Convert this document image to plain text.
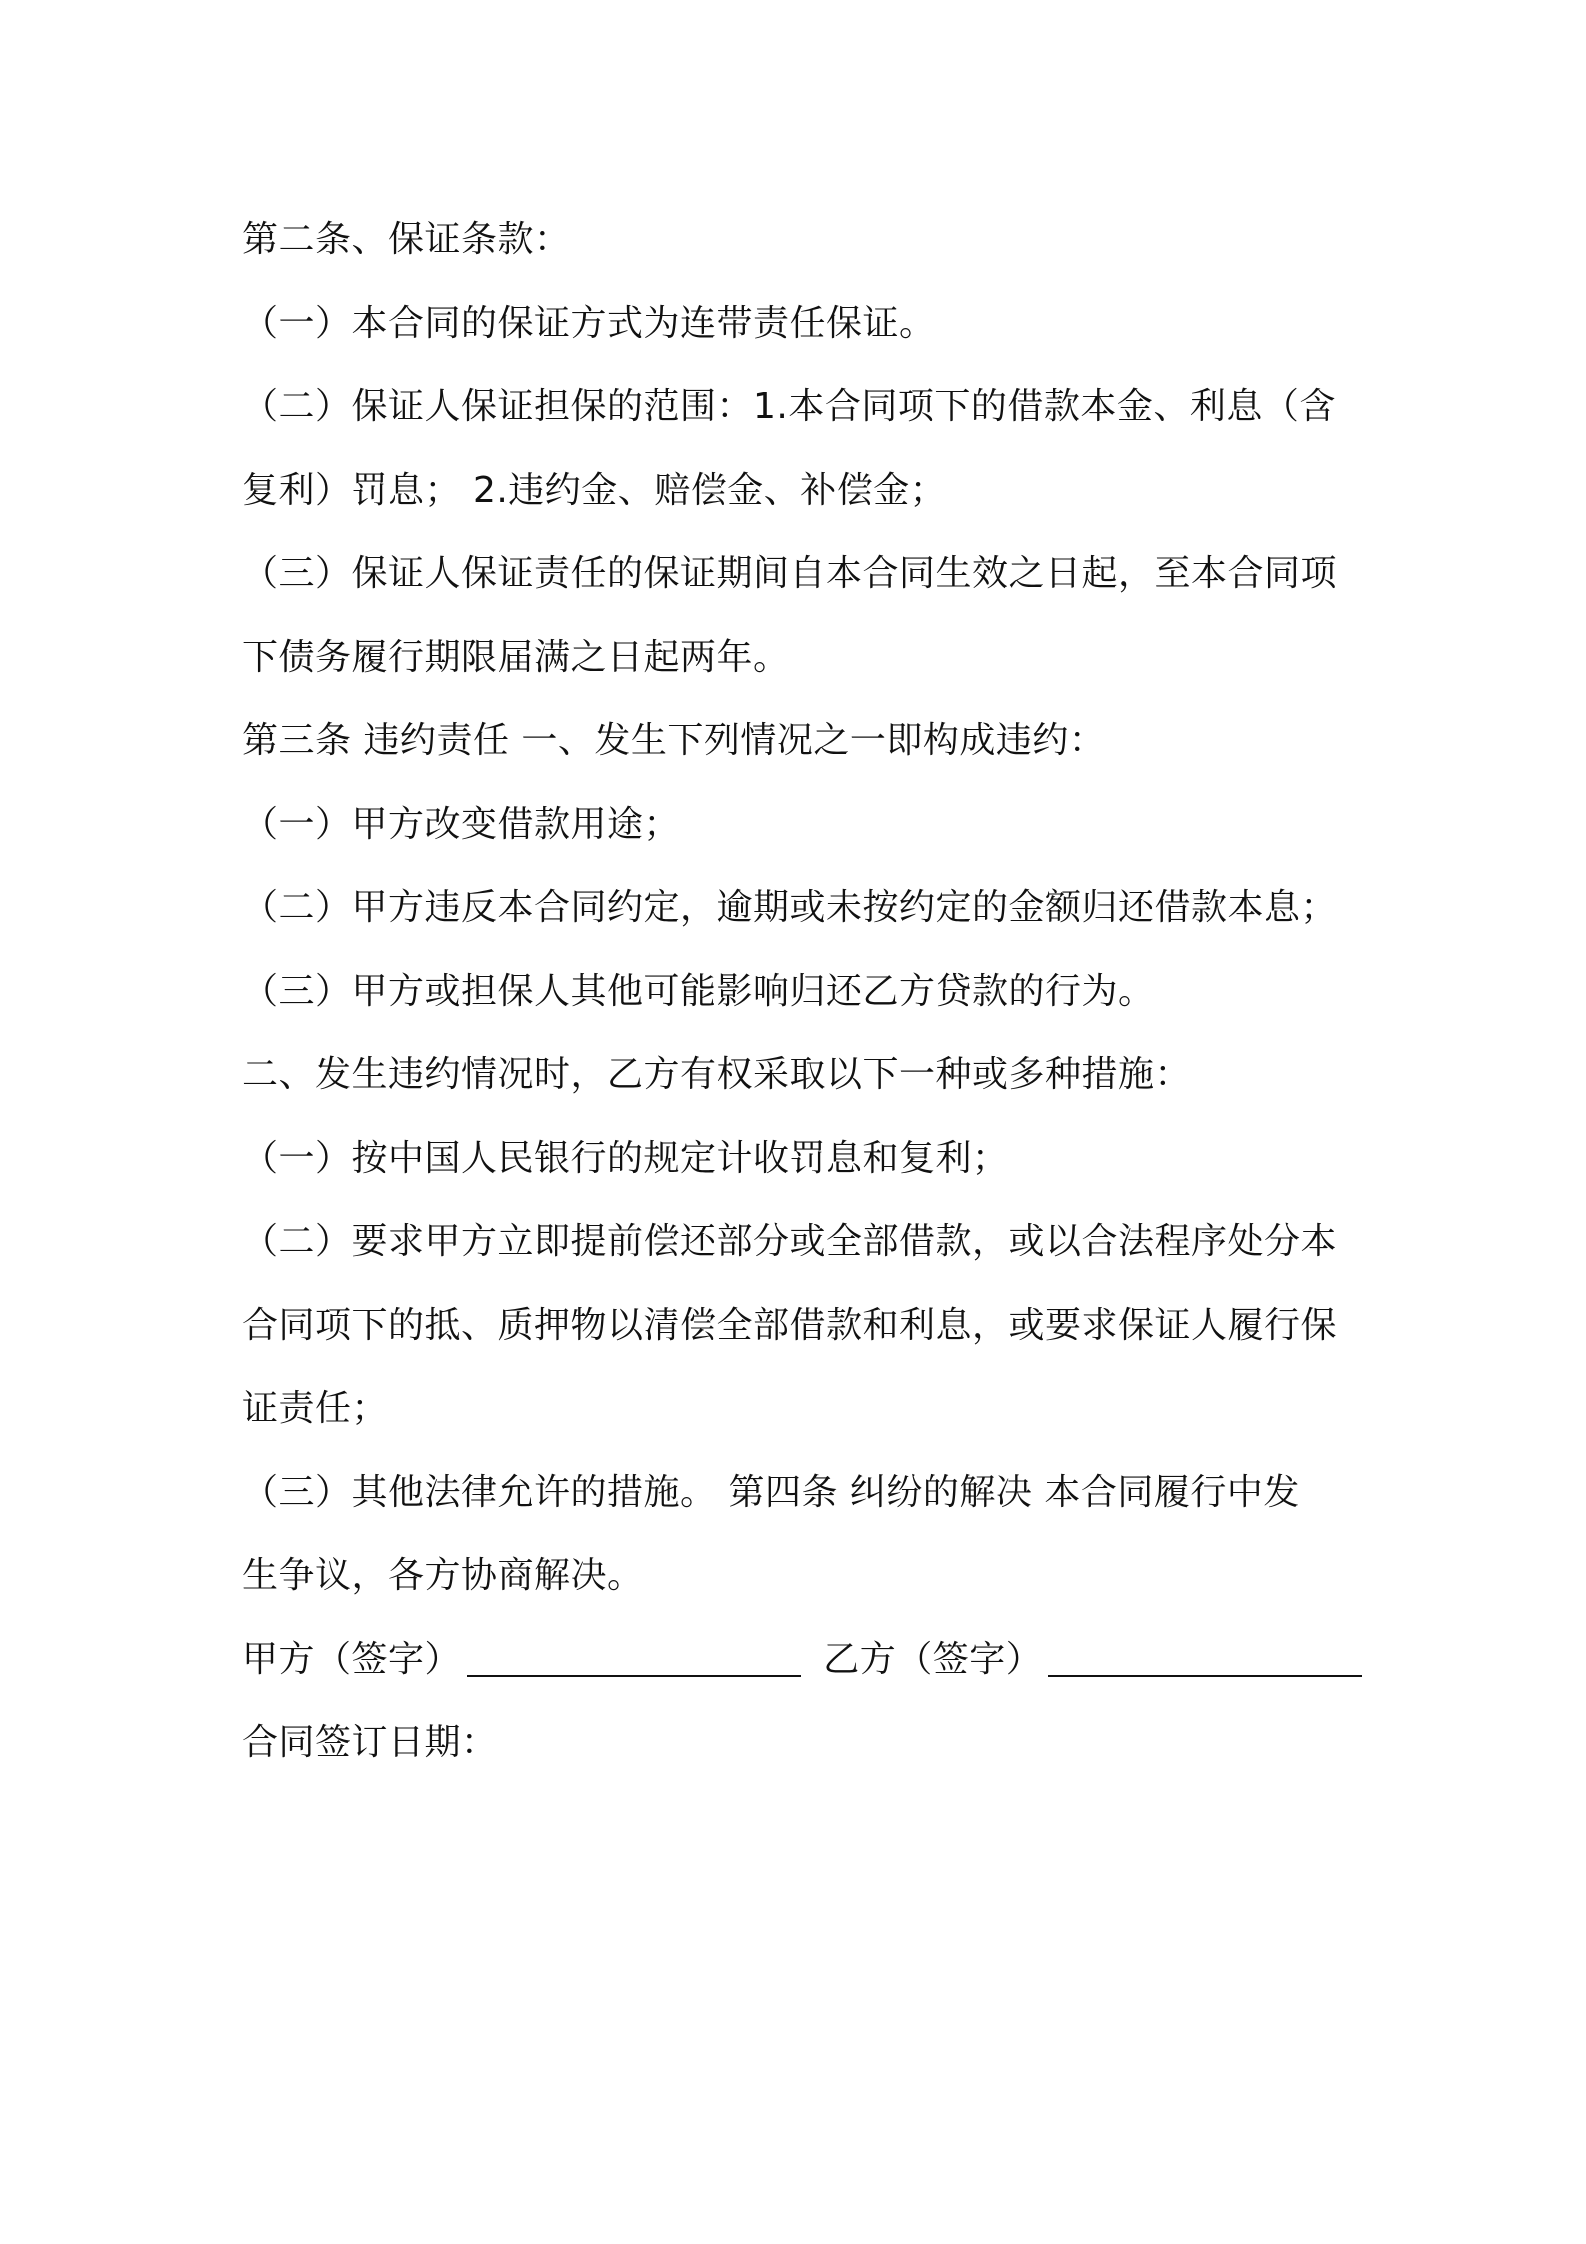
第二条、保证条款：
（一）本合同的保证方式为连带责任保证。
（二）保证人保证担保的范围：1.本合同项下的借款本金、利息（含
复利）罚息； 2.违约金、赔偿金、补偿金；
（三）保证人保证责任的保证期间自本合同生效之日起，至本合同项
下债务履行期限届满之日起两年。
第三条 违约责任 一、发生下列情况之一即构成违约：
（一）甲方改变借款用途；
（二）甲方违反本合同约定，逾期或未按约定的金额归还借款本息；
（三）甲方或担保人其他可能影响归还乙方贷款的行为。
二、发生违约情况时，乙方有权采取以下一种或多种措施：
（一）按中国人民银行的规定计收罚息和复利；
（二）要求甲方立即提前偿还部分或全部借款，或以合法程序处分本
合同项下的抵、质押物以清偿全部借款和利息，或要求保证人履行保
证责任；
（三）其他法律允许的措施。 第四条 纠纷的解决 本合同履行中发
生争议，各方协商解决。
甲方（签字）	乙方（签字）
合同签订日期：
